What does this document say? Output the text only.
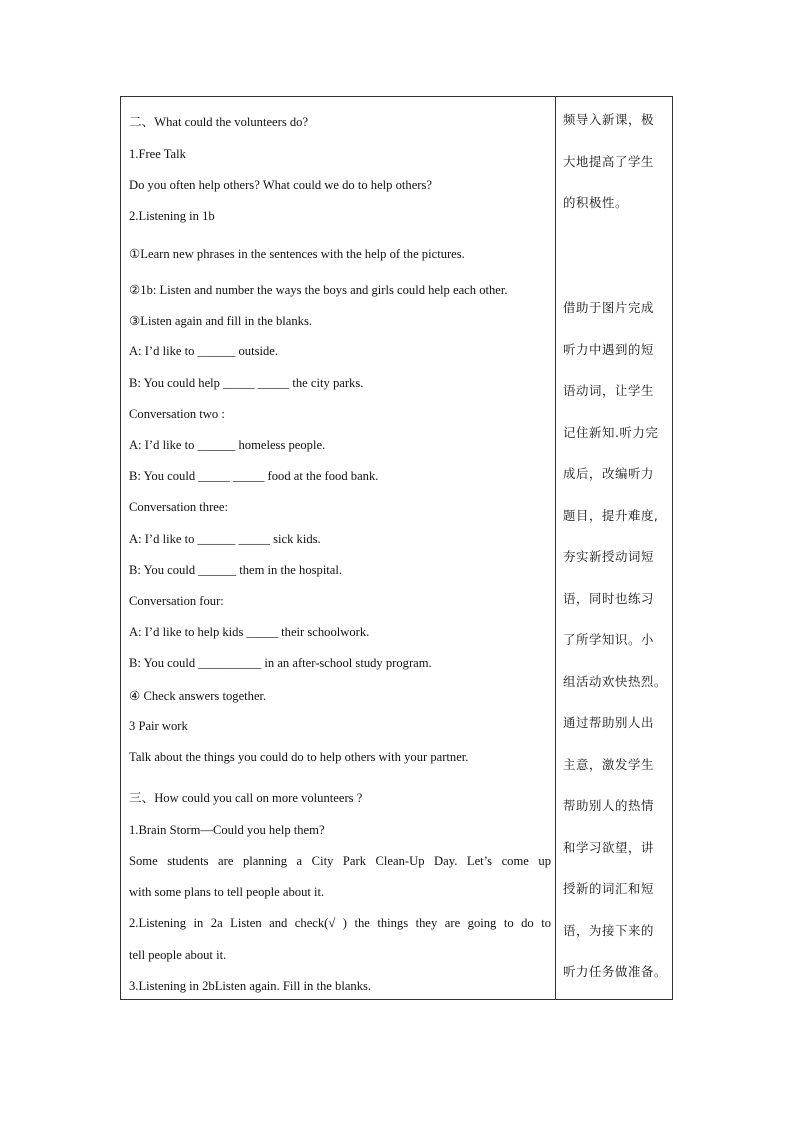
二、What could the volunteers do?
1.Free Talk
Do you often help others? What could we do to help others?
2.Listening in 1b
①Learn new phrases in the sentences with the help of the pictures.
②1b: Listen and number the ways the boys and girls could help each other.
③Listen again and fill in the blanks.
A: I’d like to ______ outside.
B: You could help _____ _____ the city parks.
Conversation two :
A: I’d like to ______ homeless people.
B: You could _____ _____ food at the food bank.
Conversation three:
A: I’d like to ______ _____ sick kids.
B: You could ______ them in the hospital.
Conversation four:
A: I’d like to help kids _____ their schoolwork.
B: You could __________ in an after-school study program.
④ Check answers together.
3 Pair work
Talk about the things you could do to help others with your partner.
三、How could you call on more volunteers ?
1.Brain Storm—Could you help them?
Some students are planning a City Park Clean-Up Day. Let’s come up
with some plans to tell people about it.
2.Listening in 2a Listen and check(√ ) the things they are going to do to
tell people about it.
3.Listening in 2bListen again. Fill in the blanks.
频导入新课，极
大地提高了学生
的积极性。
借助于图片完成
听力中遇到的短
语动词，让学生
记住新知.听力完
成后，改编听力
题目，提升难度,
夯实新授动词短
语，同时也练习
了所学知识。小
组活动欢快热烈。
通过帮助别人出
主意，激发学生
帮助别人的热情
和学习欲望，讲
授新的词汇和短
语，为接下来的
听力任务做准备。
